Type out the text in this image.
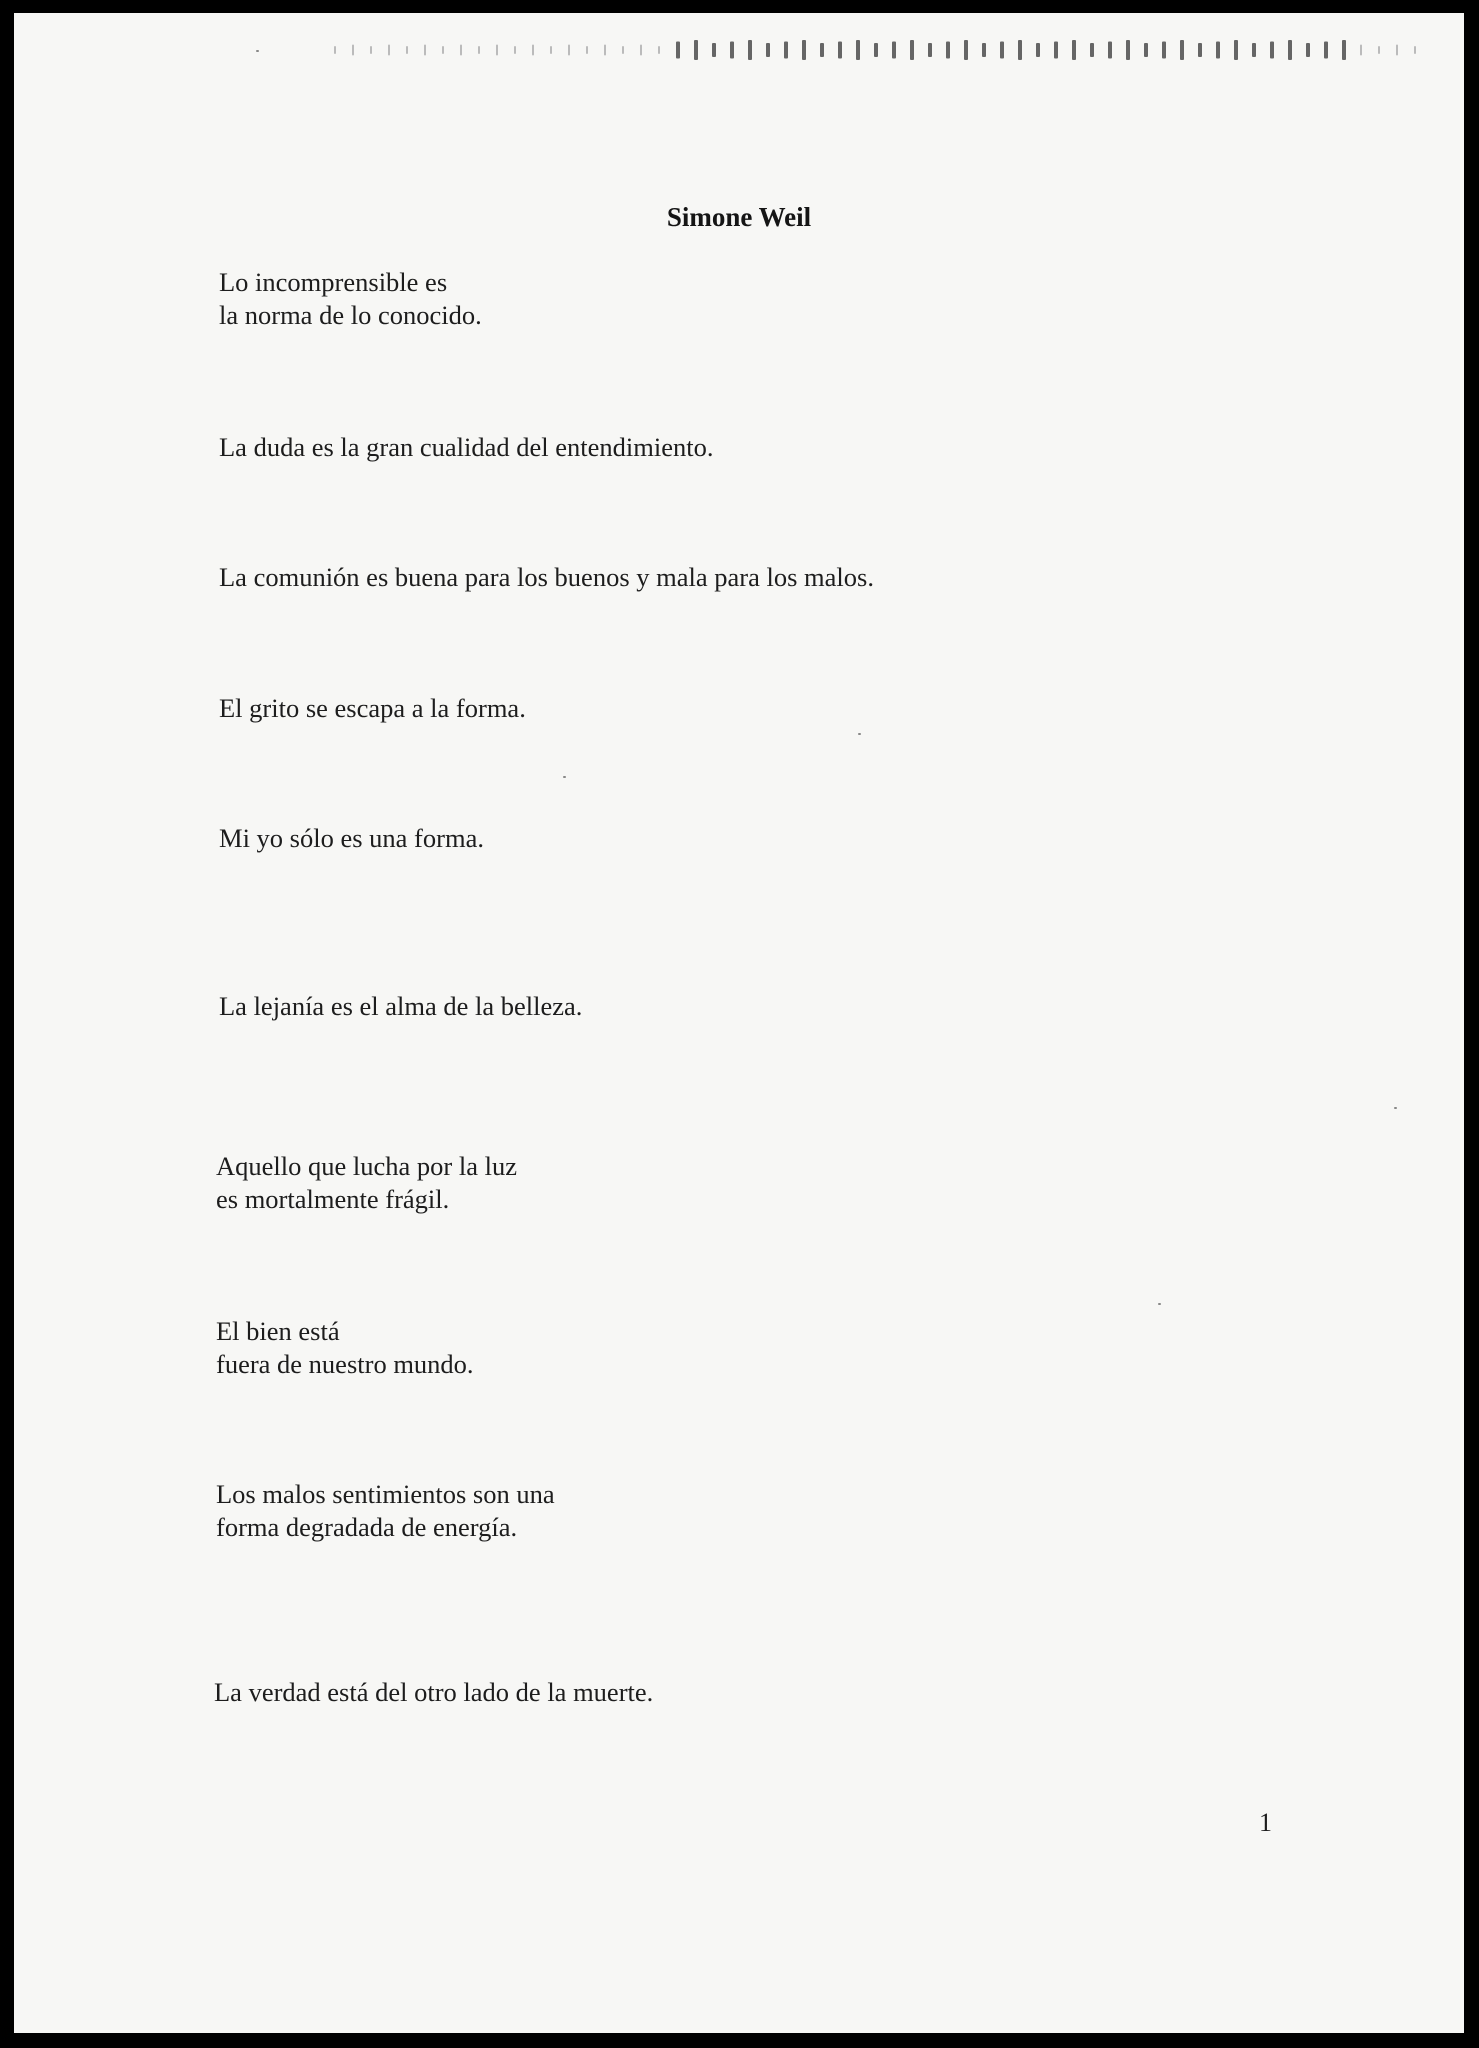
Simone Weil

Lo incomprensible es
la norma de lo conocido.

La duda es la gran cualidad del entendimiento.

La comunión es buena para los buenos y mala para los malos.

El grito se escapa a la forma.

Mi yo sólo es una forma.

La lejanía es el alma de la belleza.

Aquello que lucha por la luz
es mortalmente frágil.

El bien está
fuera de nuestro mundo.

Los malos sentimientos son una
forma degradada de energía.

La verdad está del otro lado de la muerte.

1
